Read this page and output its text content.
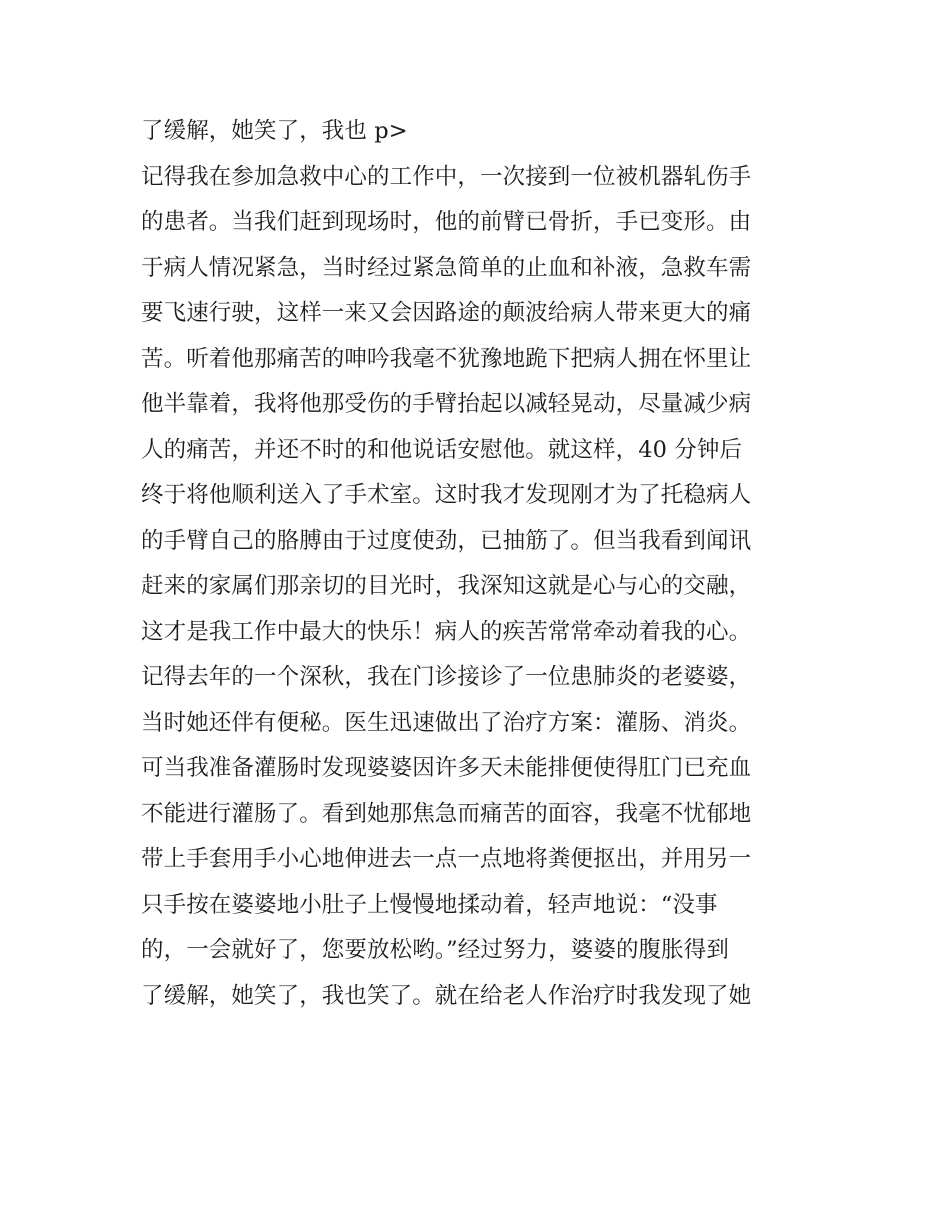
了缓解，她笑了，我也 p>
记得我在参加急救中心的工作中，一次接到一位被机器轧伤手
的患者。当我们赶到现场时，他的前臂已骨折，手已变形。由
于病人情况紧急，当时经过紧急简单的止血和补液，急救车需
要飞速行驶，这样一来又会因路途的颠波给病人带来更大的痛
苦。听着他那痛苦的呻吟我毫不犹豫地跪下把病人拥在怀里让
他半靠着，我将他那受伤的手臂抬起以减轻晃动，尽量减少病
人的痛苦，并还不时的和他说话安慰他。就这样，40 分钟后
终于将他顺利送入了手术室。这时我才发现刚才为了托稳病人
的手臂自己的胳膊由于过度使劲，已抽筋了。但当我看到闻讯
赶来的家属们那亲切的目光时，我深知这就是心与心的交融，
这才是我工作中最大的快乐！病人的疾苦常常牵动着我的心。
记得去年的一个深秋，我在门诊接诊了一位患肺炎的老婆婆，
当时她还伴有便秘。医生迅速做出了治疗方案：灌肠、消炎。
可当我准备灌肠时发现婆婆因许多天未能排便使得肛门已充血
不能进行灌肠了。看到她那焦急而痛苦的面容，我毫不忧郁地
带上手套用手小心地伸进去一点一点地将粪便抠出，并用另一
只手按在婆婆地小肚子上慢慢地揉动着，轻声地说：“没事
的，一会就好了，您要放松哟。”经过努力，婆婆的腹胀得到
了缓解，她笑了，我也笑了。就在给老人作治疗时我发现了她
